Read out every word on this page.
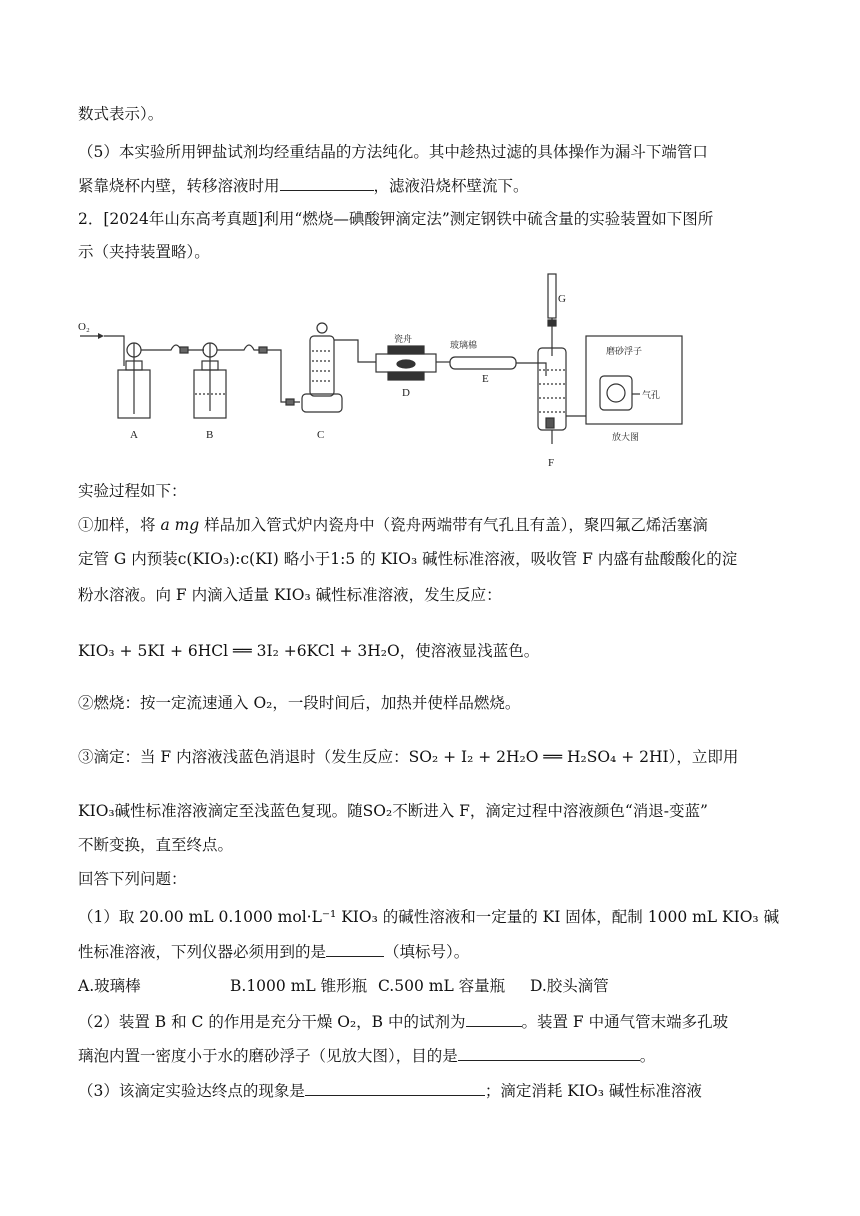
数式表示）。
（5）本实验所用钾盐试剂均经重结晶的方法纯化。其中趁热过滤的具体操作为漏斗下端管口
紧靠烧杯内壁，转移溶液时用	，滤液沿烧杯壁流下。
2．[2024年山东高考真题]利用“燃烧—碘酸钾滴定法”测定钢铁中硫含量的实验装置如下图所
示（夹持装置略）。
O₂
A	B	C
D
E
F
G
瓷舟
玻璃棉
磨砂浮子
气孔
放大图
实验过程如下：
①加样，将 a mg 样品加入管式炉内瓷舟中（瓷舟两端带有气孔且有盖），聚四氟乙烯活塞滴
定管 G 内预装c(KIO₃):c(KI) 略小于1:5 的 KIO₃ 碱性标准溶液，吸收管 F 内盛有盐酸酸化的淀
粉水溶液。向 F 内滴入适量 KIO₃ 碱性标准溶液，发生反应：
KIO₃ + 5KI + 6HCl ══ 3I₂ +6KCl + 3H₂O，使溶液显浅蓝色。
②燃烧：按一定流速通入 O₂，一段时间后，加热并使样品燃烧。
③滴定：当 F 内溶液浅蓝色消退时（发生反应：SO₂ + I₂ + 2H₂O ══ H₂SO₄ + 2HI），立即用
KIO₃碱性标准溶液滴定至浅蓝色复现。随SO₂不断进入 F，滴定过程中溶液颜色“消退-变蓝”
不断变换，直至终点。
回答下列问题：
（1）取 20.00 mL 0.1000 mol·L⁻¹ KIO₃ 的碱性溶液和一定量的 KI 固体，配制 1000 mL KIO₃ 碱
性标准溶液，下列仪器必须用到的是	（填标号）。
A.玻璃棒	B.1000 mL 锥形瓶 C.500 mL 容量瓶 D.胶头滴管
（2）装置 B 和 C 的作用是充分干燥 O₂，B 中的试剂为	。装置 F 中通气管末端多孔玻
璃泡内置一密度小于水的磨砂浮子（见放大图），目的是	。
（3）该滴定实验达终点的现象是	；滴定消耗 KIO₃ 碱性标准溶液
